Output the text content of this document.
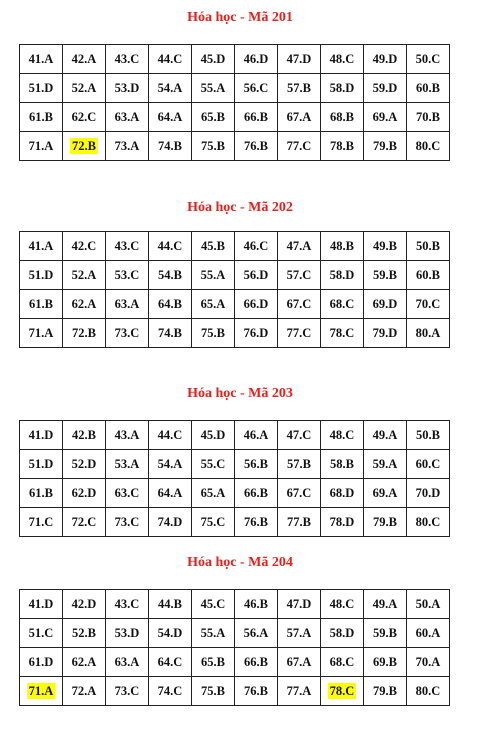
Hóa học - Mã 201
41.A	42.A	43.C	44.C	45.D	46.D	47.D	48.C	49.D	50.C
51.D	52.A	53.D	54.A	55.A	56.C	57.B	58.D	59.D	60.B
61.B	62.C	63.A	64.A	65.B	66.B	67.A	68.B	69.A	70.B
71.A	72.B	73.A	74.B	75.B	76.B	77.C	78.B	79.B	80.C
Hóa học - Mã 202
41.A	42.C	43.C	44.C	45.B	46.C	47.A	48.B	49.B	50.B
51.D	52.A	53.C	54.B	55.A	56.D	57.C	58.D	59.B	60.B
61.B	62.A	63.A	64.B	65.A	66.D	67.C	68.C	69.D	70.C
71.A	72.B	73.C	74.B	75.B	76.D	77.C	78.C	79.D	80.A
Hóa học - Mã 203
41.D	42.B	43.A	44.C	45.D	46.A	47.C	48.C	49.A	50.B
51.D	52.D	53.A	54.A	55.C	56.B	57.B	58.B	59.A	60.C
61.B	62.D	63.C	64.A	65.A	66.B	67.C	68.D	69.A	70.D
71.C	72.C	73.C	74.D	75.C	76.B	77.B	78.D	79.B	80.C
Hóa học - Mã 204
41.D	42.D	43.C	44.B	45.C	46.B	47.D	48.C	49.A	50.A
51.C	52.B	53.D	54.D	55.A	56.A	57.A	58.D	59.B	60.A
61.D	62.A	63.A	64.C	65.B	66.B	67.A	68.C	69.B	70.A
71.A	72.A	73.C	74.C	75.B	76.B	77.A	78.C	79.B	80.C
